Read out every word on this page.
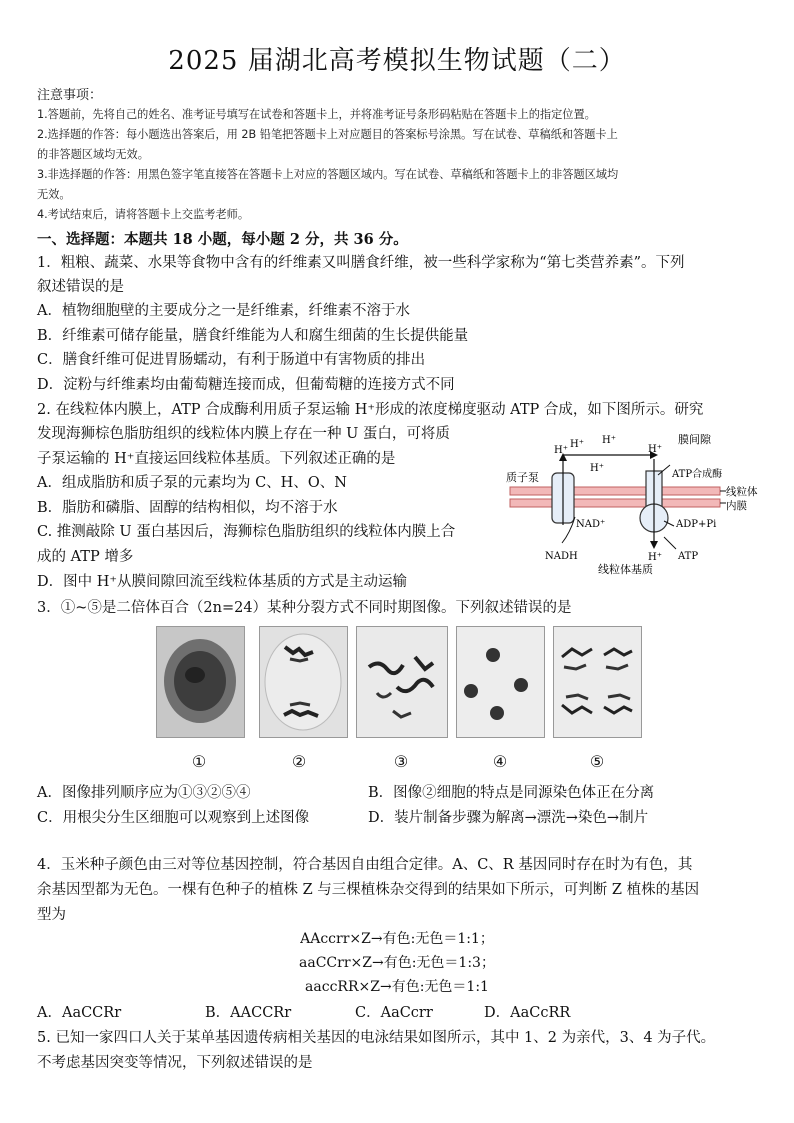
2025 届湖北高考模拟生物试题（二）
注意事项：
1.答题前，先将自己的姓名、准考证号填写在试卷和答题卡上，并将准考证号条形码粘贴在答题卡上的指定位置。
2.选择题的作答：每小题选出答案后，用 2B 铅笔把答题卡上对应题目的答案标号涂黑。写在试卷、草稿纸和答题卡上
的非答题区域均无效。
3.非选择题的作答：用黑色签字笔直接答在答题卡上对应的答题区域内。写在试卷、草稿纸和答题卡上的非答题区域均
无效。
4.考试结束后，请将答题卡上交监考老师。
一、选择题：本题共 18 小题，每小题 2 分，共 36 分。
1．粗粮、蔬菜、水果等食物中含有的纤维素又叫膳食纤维，被一些科学家称为“第七类营养素”。下列
叙述错误的是
A．植物细胞壁的主要成分之一是纤维素，纤维素不溶于水
B．纤维素可储存能量，膳食纤维能为人和腐生细菌的生长提供能量
C．膳食纤维可促进胃肠蠕动，有利于肠道中有害物质的排出
D．淀粉与纤维素均由葡萄糖连接而成，但葡萄糖的连接方式不同
2. 在线粒体内膜上，ATP 合成酶利用质子泵运输 H⁺形成的浓度梯度驱动 ATP 合成，如下图所示。研究
发现海狮棕色脂肪组织的线粒体内膜上存在一种 U 蛋白，可将质
子泵运输的 H⁺直接运回线粒体基质。下列叙述正确的是
A．组成脂肪和质子泵的元素均为 C、H、O、N
B．脂肪和磷脂、固醇的结构相似，均不溶于水
C. 推测敲除 U 蛋白基因后，海狮棕色脂肪组织的线粒体内膜上合
成的 ATP 增多
D．图中 H⁺从膜间隙回流至线粒体基质的方式是主动运输
H⁺
H⁺
H⁺
H⁺
H⁺
膜间隙
质子泵	ATP合成酶
线粒体
内膜
NAD⁺
NADH
ADP+Pi
H⁺ ATP
线粒体基质
3．①~⑤是二倍体百合（2n=24）某种分裂方式不同时期图像。下列叙述错误的是
①	②	③	④	⑤
A．图像排列顺序应为①③②⑤④	B．图像②细胞的特点是同源染色体正在分离
C．用根尖分生区细胞可以观察到上述图像	D．装片制备步骤为解离→漂洗→染色→制片
4．玉米种子颜色由三对等位基因控制，符合基因自由组合定律。A、C、R 基因同时存在时为有色，其
余基因型都为无色。一棵有色种子的植株 Z 与三棵植株杂交得到的结果如下所示，可判断 Z 植株的基因
型为
AAccrr×Z→有色:无色＝1:1；
aaCCrr×Z→有色:无色＝1:3；
aaccRR×Z→有色:无色＝1:1
A．AaCCRr	B．AACCRr	C．AaCcrr	D．AaCcRR
5. 已知一家四口人关于某单基因遗传病相关基因的电泳结果如图所示，其中 1、2 为亲代，3、4 为子代。
不考虑基因突变等情况，下列叙述错误的是
